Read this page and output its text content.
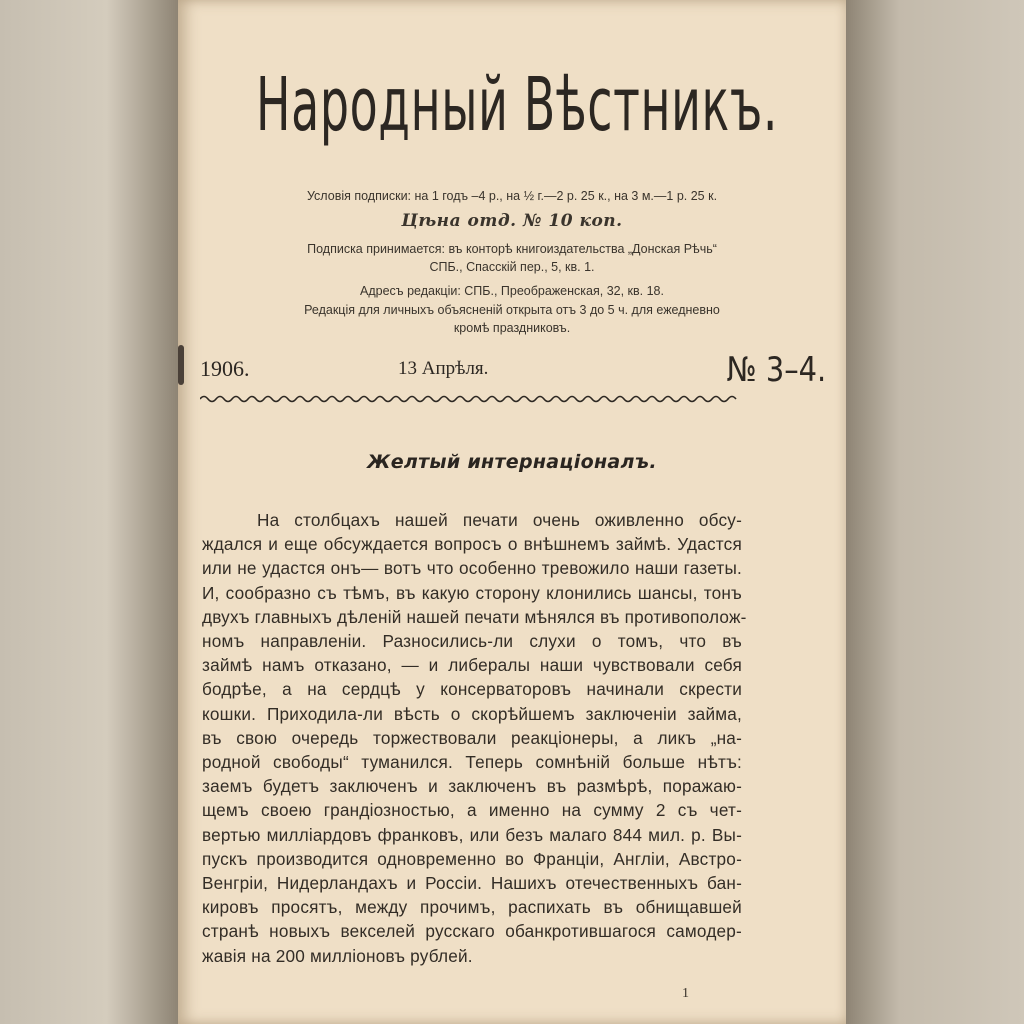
Народный Вѣстникъ.
Условія подписки: на 1 годъ –4 р., на ½ г.—2 р. 25 к., на 3 м.—1 р. 25 к.
Цѣна отд. № 10 коп.
Подписка принимается: въ конторѣ книгоиздательства „Донская Рѣчь“
СПБ., Спасскій пер., 5, кв. 1.
Адресъ редакціи: СПБ., Преображенская, 32, кв. 18.
Редакція для личныхъ объясненій открыта отъ 3 до 5 ч. для ежедневно
кромѣ праздниковъ.
1906.	13 Апрѣля.	№ 3–4.
Желтый интернаціоналъ.
На столбцахъ нашей печати очень оживленно обсу-
ждался и еще обсуждается вопросъ о внѣшнемъ займѣ. Удастся
или не удастся онъ— вотъ что особенно тревожило наши газеты.
И, сообразно съ тѣмъ, въ какую сторону клонились шансы, тонъ
двухъ главныхъ дѣленій нашей печати мѣнялся въ противополож-
номъ направленіи. Разносились-ли слухи о томъ, что въ
займѣ намъ отказано, — и либералы наши чувствовали себя
бодрѣе, а на сердцѣ у консерваторовъ начинали скрести
кошки. Приходила-ли вѣсть о скорѣйшемъ заключеніи займа,
въ свою очередь торжествовали реакціонеры, а ликъ „на-
родной свободы“ туманился. Теперь сомнѣній больше нѣтъ:
заемъ будетъ заключенъ и заключенъ въ размѣрѣ, поражаю-
щемъ своею грандіозностью, а именно на сумму 2 съ чет-
вертью милліардовъ франковъ, или безъ малаго 844 мил. р. Вы-
пускъ производится одновременно во Франціи, Англіи, Австро-
Венгріи, Нидерландахъ и Россіи. Нашихъ отечественныхъ бан-
кировъ просятъ, между прочимъ, распихать въ обнищавшей
странѣ новыхъ векселей русскаго обанкротившагося самодер-
жавія на 200 милліоновъ рублей.
1
